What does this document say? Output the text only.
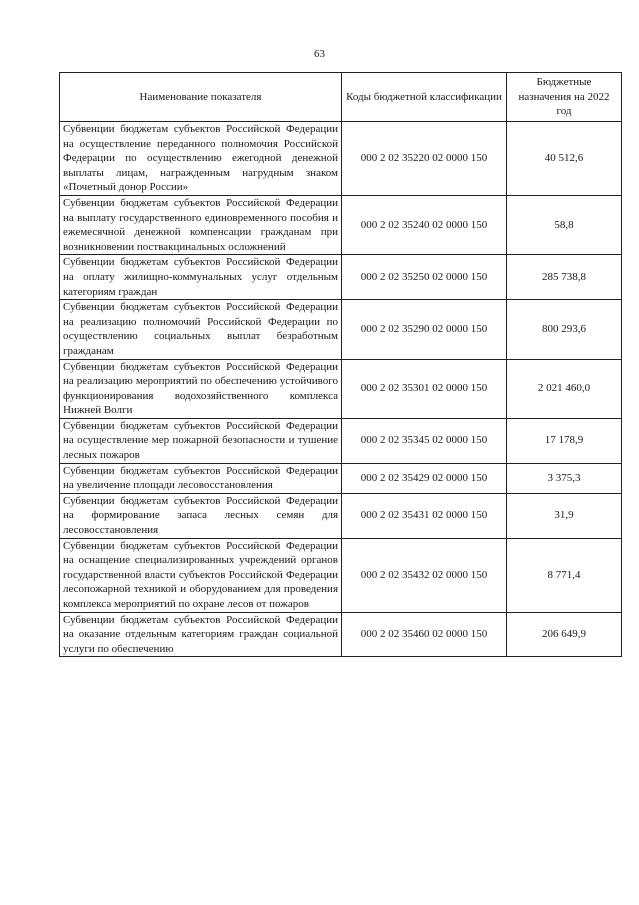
63
Наименование показателя	Коды бюджетной классификации	Бюджетные назначения на 2022 год
Субвенции бюджетам субъектов Российской Федерации на осуществление переданного полномочия Российской Федерации по осуществлению ежегодной денежной выплаты лицам, награжденным нагрудным знаком «Почетный донор России»	000 2 02 35220 02 0000 150	40 512,6
Субвенции бюджетам субъектов Российской Федерации на выплату государственного единовременного пособия и ежемесячной денежной компенсации гражданам при возникновении поствакцинальных осложнений	000 2 02 35240 02 0000 150	58,8
Субвенции бюджетам субъектов Российской Федерации на оплату жилищно-коммунальных услуг отдельным категориям граждан	000 2 02 35250 02 0000 150	285 738,8
Субвенции бюджетам субъектов Российской Федерации на реализацию полномочий Российской Федерации по осуществлению социальных выплат безработным гражданам	000 2 02 35290 02 0000 150	800 293,6
Субвенции бюджетам субъектов Российской Федерации на реализацию мероприятий по обеспечению устойчивого функционирования водохозяйственного комплекса Нижней Волги	000 2 02 35301 02 0000 150	2 021 460,0
Субвенции бюджетам субъектов Российской Федерации на осуществление мер пожарной безопасности и тушение лесных пожаров	000 2 02 35345 02 0000 150	17 178,9
Субвенции бюджетам субъектов Российской Федерации на увеличение площади лесовосстановления	000 2 02 35429 02 0000 150	3 375,3
Субвенции бюджетам субъектов Российской Федерации на формирование запаса лесных семян для лесовосстановления	000 2 02 35431 02 0000 150	31,9
Субвенции бюджетам субъектов Российской Федерации на оснащение специализированных учреждений органов государственной власти субъектов Российской Федерации лесопожарной техникой и оборудованием для проведения комплекса мероприятий по охране лесов от пожаров	000 2 02 35432 02 0000 150	8 771,4
Субвенции бюджетам субъектов Российской Федерации на оказание отдельным категориям граждан социальной услуги по обеспечению	000 2 02 35460 02 0000 150	206 649,9
